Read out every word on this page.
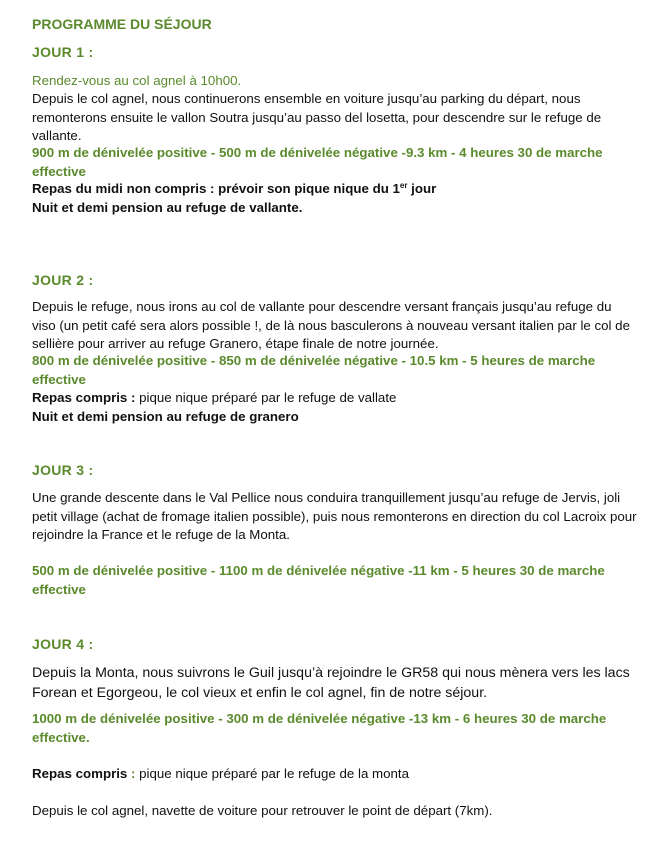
PROGRAMME DU SÉJOUR
JOUR 1 :
Rendez-vous au col agnel à 10h00.
Depuis le col agnel, nous continuerons ensemble en voiture jusqu’au parking du départ, nous remonterons ensuite le vallon Soutra jusqu’au passo del losetta, pour descendre sur le refuge de vallante.
900 m de dénivelée positive - 500 m de dénivelée négative -9.3 km - 4 heures 30 de marche effective
Repas du midi non compris : prévoir son pique nique du 1er jour
Nuit et demi pension au refuge de vallante.
JOUR 2 :
Depuis le refuge, nous irons au col de vallante pour descendre versant français jusqu’au refuge du viso (un petit café sera alors possible !, de là nous basculerons à nouveau versant italien par le col de sellière pour arriver au refuge Granero, étape finale de notre journée.
800 m de dénivelée positive - 850 m de dénivelée négative - 10.5 km - 5 heures de marche effective
Repas compris : pique nique préparé par le refuge de vallate
Nuit et demi pension au refuge de granero
JOUR 3 :
Une grande descente dans le Val Pellice nous conduira tranquillement jusqu’au refuge de Jervis, joli petit village (achat de fromage italien possible), puis nous remonterons en direction du col Lacroix pour rejoindre la France et le refuge de la Monta.
500 m de dénivelée positive - 1100 m de dénivelée négative -11 km - 5 heures 30 de marche effective
JOUR 4 :
Depuis la Monta, nous suivrons le Guil jusqu’à rejoindre le GR58 qui nous mènera vers les lacs Forean et Egorgeou, le col vieux et enfin le col agnel, fin de notre séjour.
1000 m de dénivelée positive - 300 m de dénivelée négative -13 km - 6 heures 30 de marche effective.
Repas compris : pique nique préparé par le refuge de la monta
Depuis le col agnel, navette de voiture pour retrouver le point de départ (7km).
